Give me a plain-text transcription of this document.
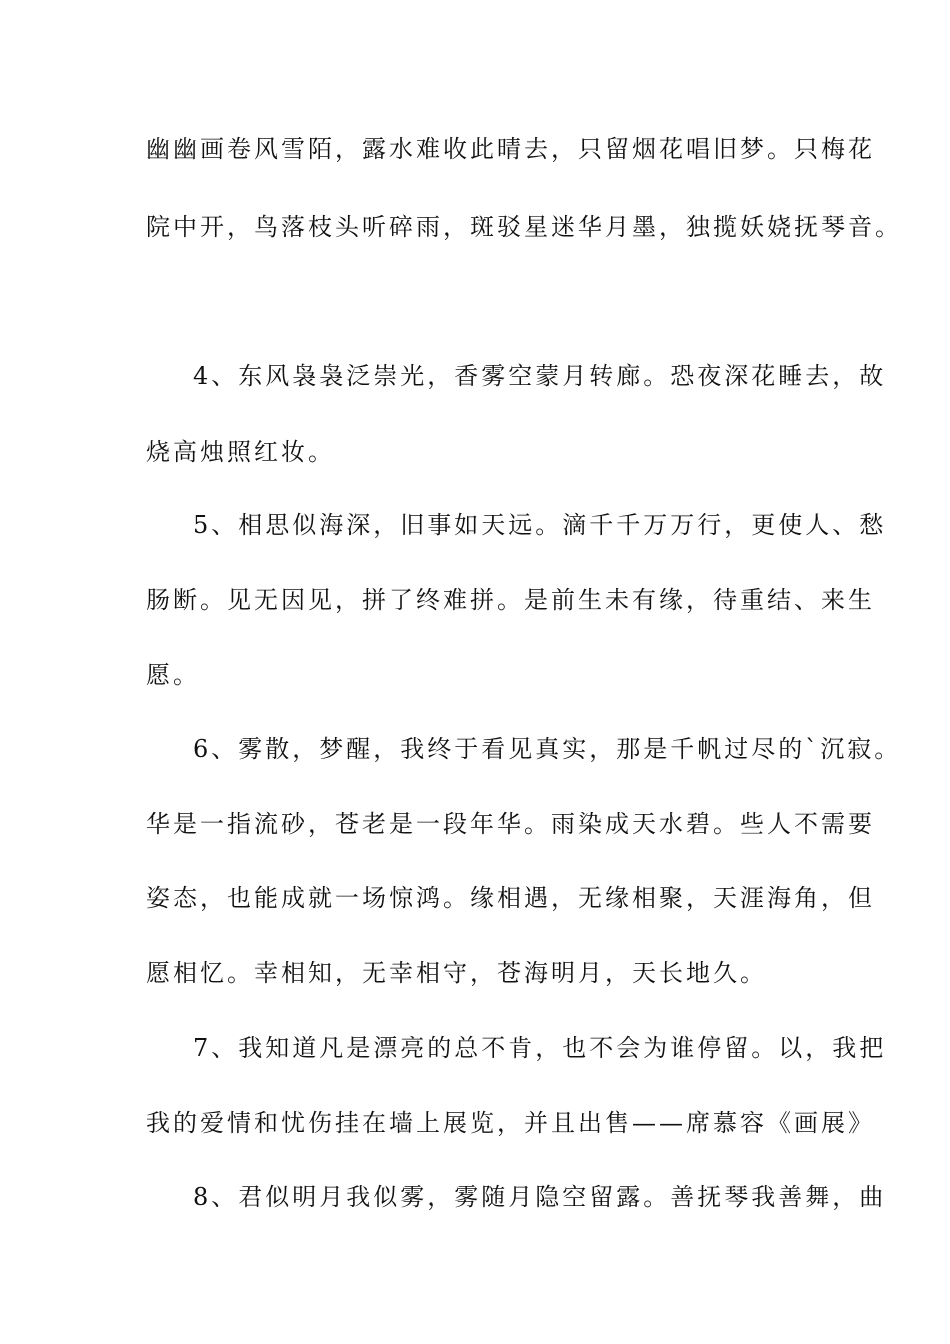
幽幽画卷风雪陌，露水难收此晴去，只留烟花唱旧梦。只梅花
院中开，鸟落枝头听碎雨，斑驳星迷华月墨，独揽妖娆抚琴音。
4、东风袅袅泛崇光，香雾空蒙月转廊。恐夜深花睡去，故
烧高烛照红妆。
5、相思似海深，旧事如天远。滴千千万万行，更使人、愁
肠断。见无因见，拼了终难拼。是前生未有缘，待重结、来生
愿。
6、雾散，梦醒，我终于看见真实，那是千帆过尽的`沉寂。
华是一指流砂，苍老是一段年华。雨染成天水碧。些人不需要
姿态，也能成就一场惊鸿。缘相遇，无缘相聚，天涯海角，但
愿相忆。幸相知，无幸相守，苍海明月，天长地久。
7、我知道凡是漂亮的总不肯，也不会为谁停留。以，我把
我的爱情和忧伤挂在墙上展览，并且出售——席慕容《画展》
8、君似明月我似雾，雾随月隐空留露。善抚琴我善舞，曲
